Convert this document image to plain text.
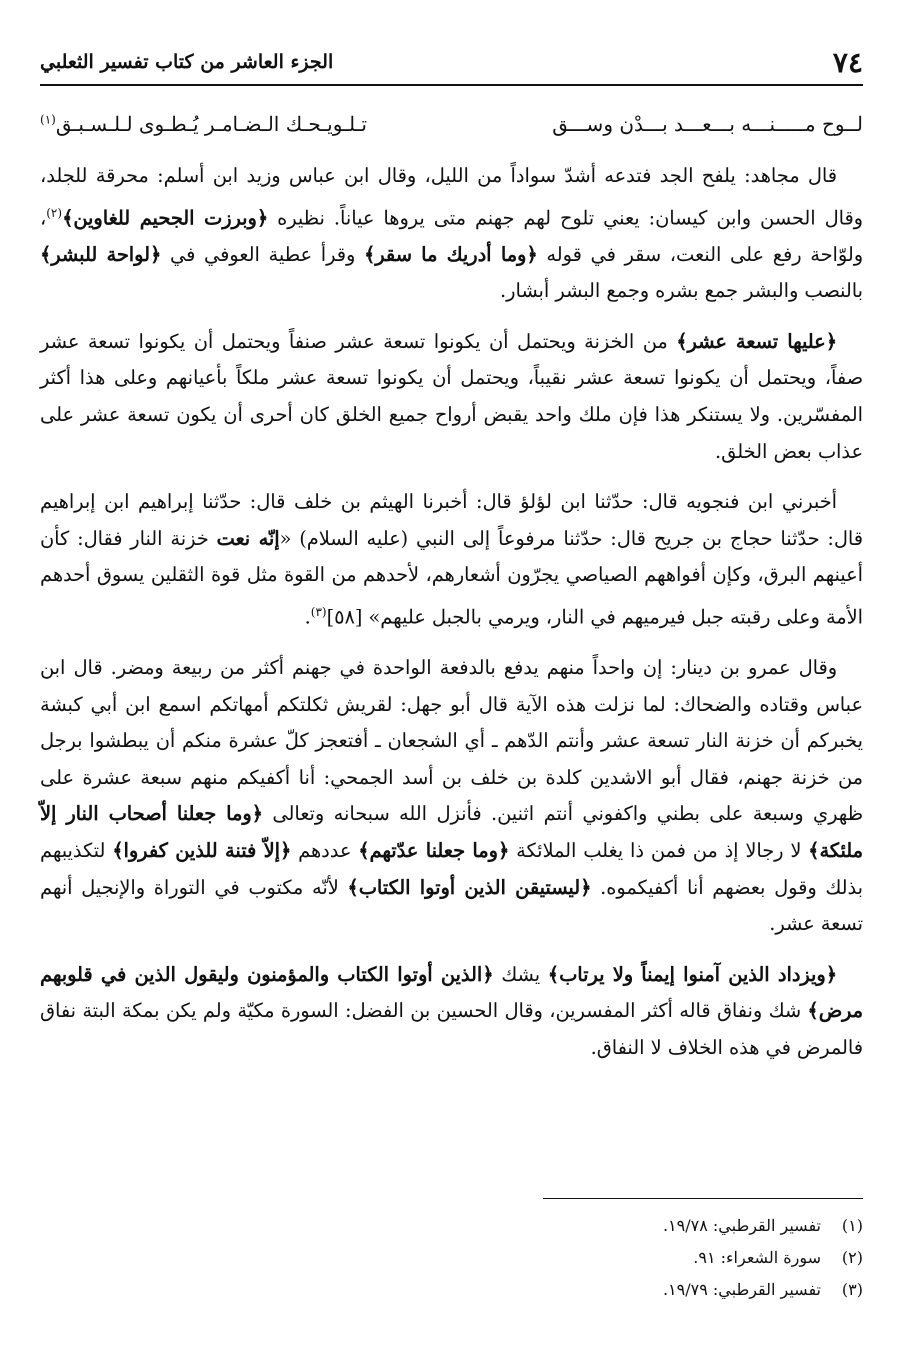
٧٤
الجزء العاشر من كتاب تفسير الثعلبي
لــوح مـــــنـــه بـــعـــد بـــدْن وســـق
تـلـويـحـك الـضـامـر يُـطـوى لـلـسـبـق$^{(١)}$

قال مجاهد: يلفح الجد فتدعه أشدّ سواداً من الليل، وقال ابن عباس وزيد ابن أسلم: محرقة للجلد، وقال الحسن وابن كيسان: يعني تلوح لهم جهنم متى يروها عياناً. نظيره ﴿وبرزت الجحيم للغاوين﴾$^{(٢)}$، ولوّاحة رفع على النعت، سقر في قوله ﴿وما أدريك ما سقر﴾ وقرأ عطية العوفي في ﴿لواحة للبشر﴾ بالنصب والبشر جمع بشره وجمع البشر أبشار.

﴿عليها تسعة عشر﴾ من الخزنة ويحتمل أن يكونوا تسعة عشر صنفاً ويحتمل أن يكونوا تسعة عشر صفاً، ويحتمل أن يكونوا تسعة عشر نقيباً، ويحتمل أن يكونوا تسعة عشر ملكاً بأعيانهم وعلى هذا أكثر المفسّرين. ولا يستنكر هذا فإن ملك واحد يقبض أرواح جميع الخلق كان أحرى أن يكون تسعة عشر على عذاب بعض الخلق.

أخبرني ابن فنجويه قال: حدّثنا ابن لؤلؤ قال: أخبرنا الهيثم بن خلف قال: حدّثنا إبراهيم ابن إبراهيم قال: حدّثنا حجاج بن جريح قال: حدّثنا مرفوعاً إلى النبي (عليه السلام) «إنّه نعت خزنة النار فقال: كأن أعينهم البرق، وكإن أفواههم الصياصي يجرّون أشعارهم، لأحدهم من القوة مثل قوة الثقلين يسوق أحدهم الأمة وعلى رقبته جبل فيرميهم في النار، ويرمي بالجبل عليهم» [٥٨]$^{(٣)}$.

وقال عمرو بن دينار: إن واحداً منهم يدفع بالدفعة الواحدة في جهنم أكثر من ربيعة ومضر. قال ابن عباس وقتاده والضحاك: لما نزلت هذه الآية قال أبو جهل: لقريش ثكلتكم أمهاتكم اسمع ابن أبي كبشة يخبركم أن خزنة النار تسعة عشر وأنتم الدّهم ـ أي الشجعان ـ أفتعجز كلّ عشرة منكم أن يبطشوا برجل من خزنة جهنم، فقال أبو الاشدين كلدة بن خلف بن أسد الجمحي: أنا أكفيكم منهم سبعة عشرة على ظهري وسبعة على بطني واكفوني أنتم اثنين. فأنزل الله سبحانه وتعالى ﴿وما جعلنا أصحاب النار إلاّ ملئكة﴾ لا رجالا إذ من فمن ذا يغلب الملائكة ﴿وما جعلنا عدّتهم﴾ عددهم ﴿إلاّ فتنة للذين كفروا﴾ لتكذيبهم بذلك وقول بعضهم أنا أكفيكموه. ﴿ليستيقن الذين أوتوا الكتاب﴾ لأنّه مكتوب في التوراة والإنجيل أنهم تسعة عشر.

﴿ويزداد الذين آمنوا إيمناً ولا يرتاب﴾ يشك ﴿الذين أوتوا الكتاب والمؤمنون وليقول الذين في قلوبهم مرض﴾ شك ونفاق قاله أكثر المفسرين، وقال الحسين بن الفضل: السورة مكيّة ولم يكن بمكة البتة نفاق فالمرض في هذه الخلاف لا النفاق.

(١)
تفسير القرطبي: ١٩/٧٨.
(٢)
سورة الشعراء: ٩١.
(٣)
تفسير القرطبي: ١٩/٧٩.
